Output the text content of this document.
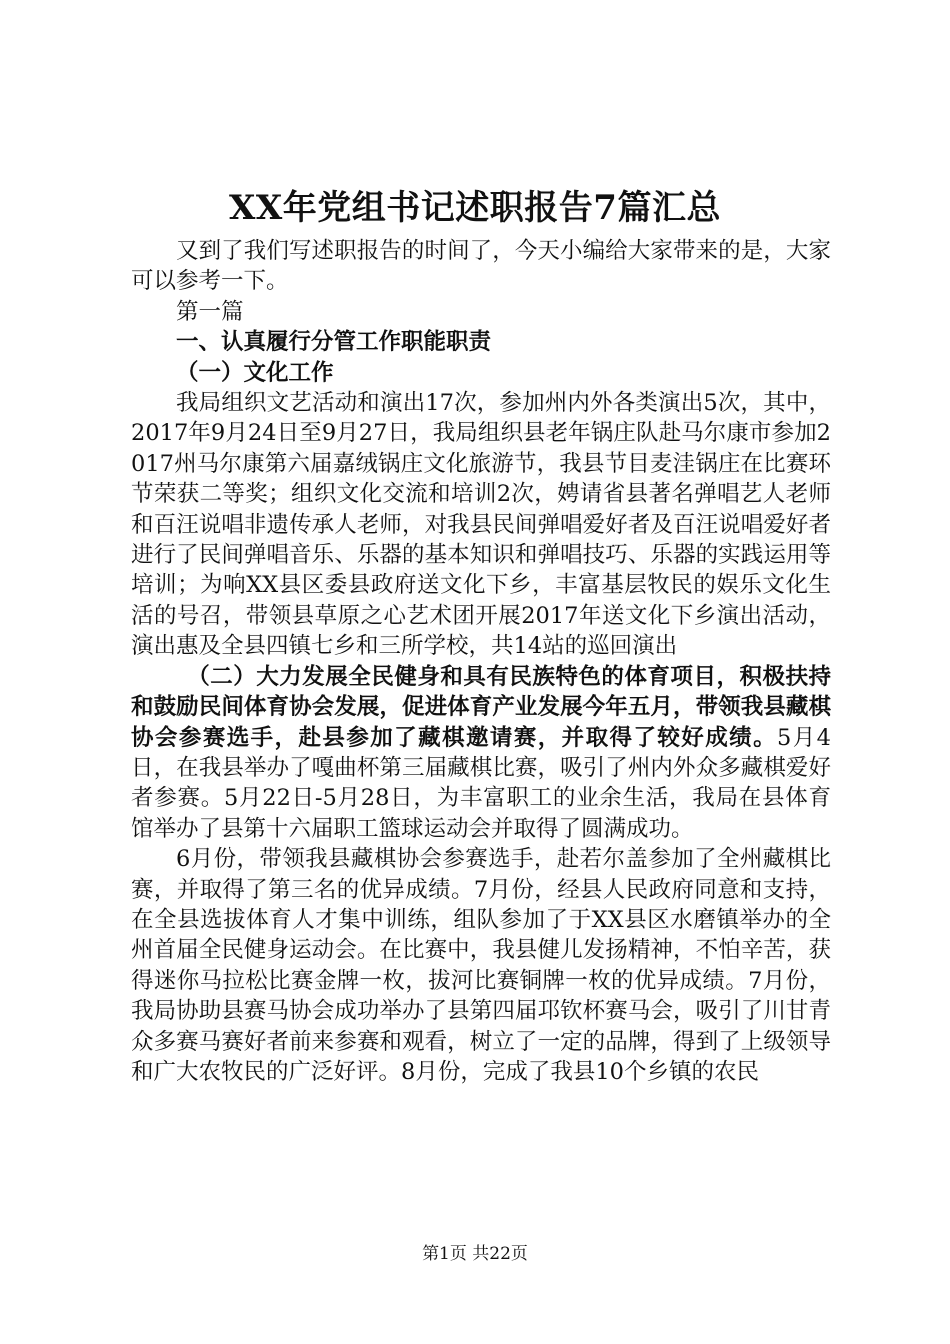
XX年党组书记述职报告7篇汇总

又到了我们写述职报告的时间了，今天小编给大家带来的是，大家可以参考一下。

第一篇

一、认真履行分管工作职能职责

（一）文化工作

我局组织文艺活动和演出17次，参加州内外各类演出5次，其中，2017年9月24日至9月27日，我局组织县老年锅庄队赴马尔康市参加2017州马尔康第六届嘉绒锅庄文化旅游节，我县节目麦洼锅庄在比赛环节荣获二等奖；组织文化交流和培训2次，娉请省县著名弹唱艺人老师和百汪说唱非遗传承人老师，对我县民间弹唱爱好者及百汪说唱爱好者进行了民间弹唱音乐、乐器的基本知识和弹唱技巧、乐器的实践运用等培训；为响XX县区委县政府送文化下乡，丰富基层牧民的娱乐文化生活的号召，带领县草原之心艺术团开展2017年送文化下乡演出活动，演出惠及全县四镇七乡和三所学校，共14站的巡回演出

（二）大力发展全民健身和具有民族特色的体育项目，积极扶持和鼓励民间体育协会发展，促进体育产业发展今年五月，带领我县藏棋协会参赛选手，赴县参加了藏棋邀请赛，并取得了较好成绩。5月4日，在我县举办了嘎曲杯第三届藏棋比赛，吸引了州内外众多藏棋爱好者参赛。5月22日-5月28日，为丰富职工的业余生活，我局在县体育馆举办了县第十六届职工篮球运动会并取得了圆满成功。

6月份，带领我县藏棋协会参赛选手，赴若尔盖参加了全州藏棋比赛，并取得了第三名的优异成绩。7月份，经县人民政府同意和支持，在全县选拔体育人才集中训练，组队参加了于XX县区水磨镇举办的全州首届全民健身运动会。在比赛中，我县健儿发扬精神，不怕辛苦，获得迷你马拉松比赛金牌一枚，拔河比赛铜牌一枚的优异成绩。7月份，我局协助县赛马协会成功举办了县第四届邛钦杯赛马会，吸引了川甘青众多赛马赛好者前来参赛和观看，树立了一定的品牌，得到了上级领导和广大农牧民的广泛好评。8月份，完成了我县10个乡镇的农民

第1页 共22页
